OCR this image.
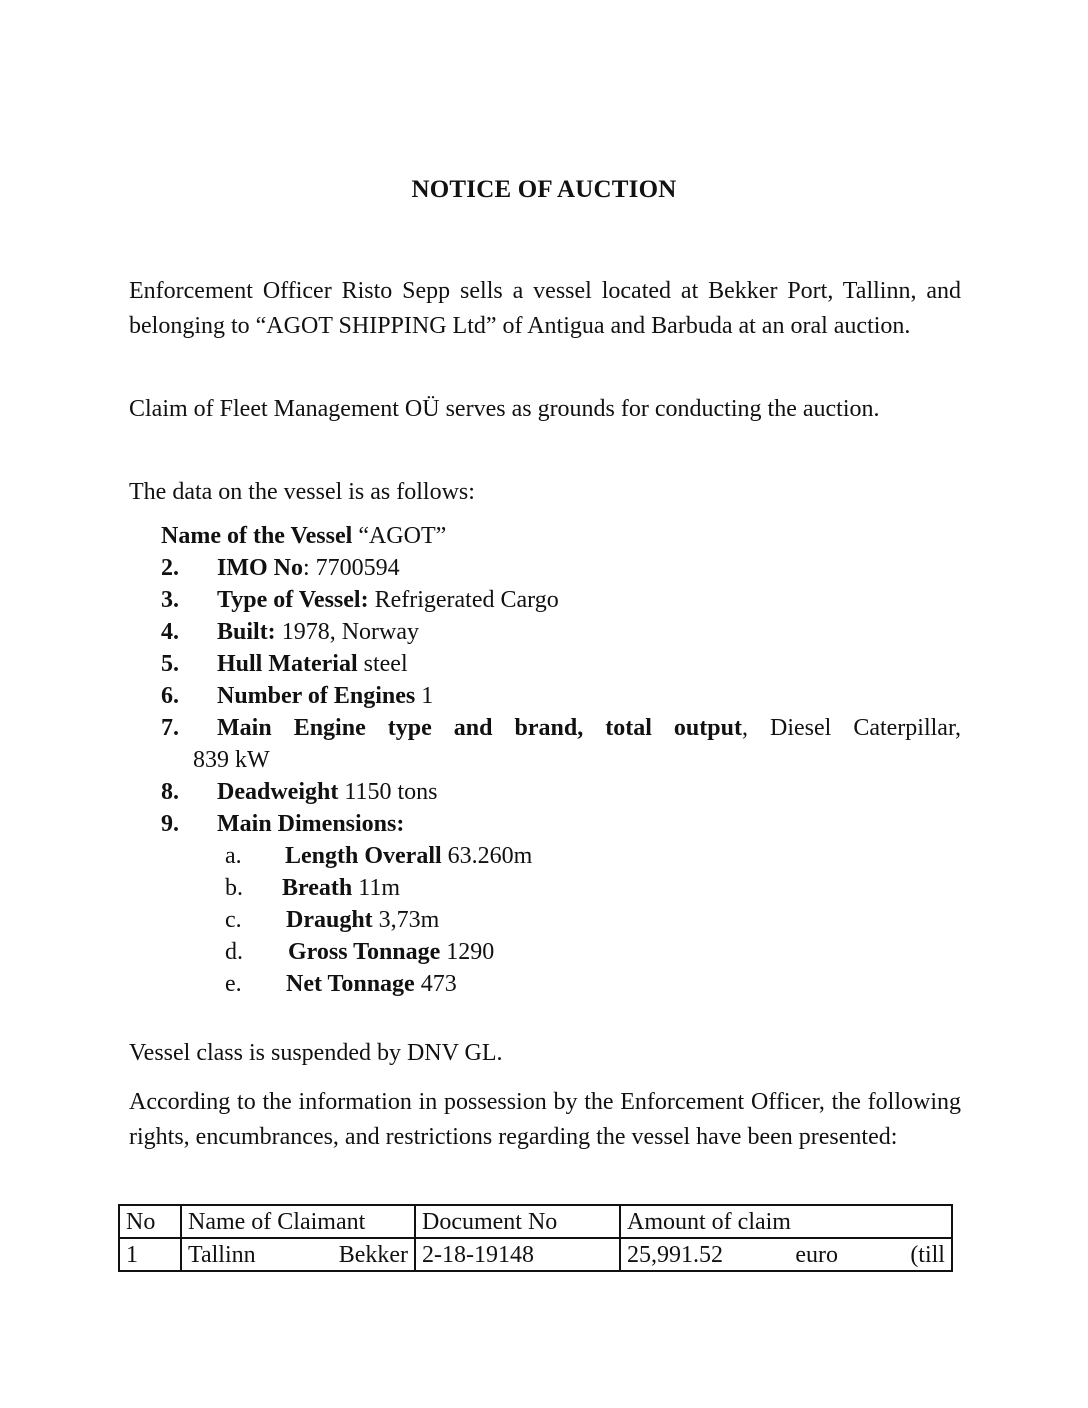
NOTICE OF AUCTION
Enforcement Officer Risto Sepp sells a vessel located at Bekker Port, Tallinn, and belonging to “AGOT SHIPPING Ltd” of Antigua and Barbuda at an oral auction.
Claim of Fleet Management OÜ serves as grounds for conducting the auction.
The data on the vessel is as follows:
Name of the Vessel “AGOT”
2. IMO No: 7700594
3. Type of Vessel: Refrigerated Cargo
4. Built: 1978, Norway
5. Hull Material steel
6. Number of Engines 1
7. Main Engine type and brand, total output, Diesel Caterpillar,
839 kW
8. Deadweight 1150 tons
9. Main Dimensions:
a. Length Overall 63.260m
b. Breath 11m
c. Draught 3,73m
d. Gross Tonnage 1290
e. Net Tonnage 473
Vessel class is suspended by DNV GL.
According to the information in possession by the Enforcement Officer, the following rights, encumbrances, and restrictions regarding the vessel have been presented:
No	Name of Claimant	Document No	Amount of claim
1	Tallinn Bekker	2-18-19148	25,991.52 euro (till
